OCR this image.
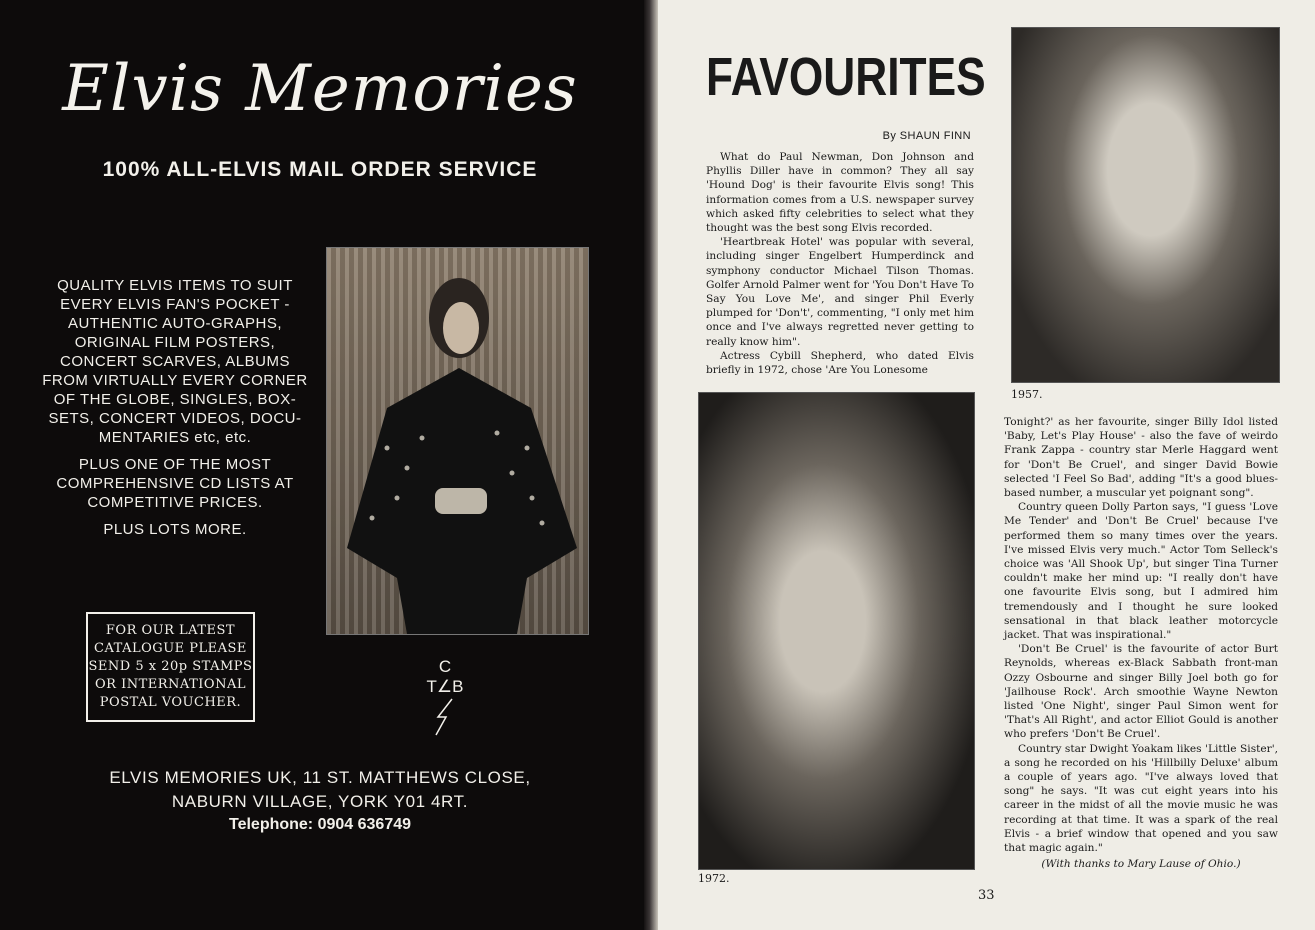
Elvis Memories
100% ALL-ELVIS MAIL ORDER SERVICE

QUALITY ELVIS ITEMS TO SUIT EVERY ELVIS FAN'S POCKET - AUTHENTIC AUTO-GRAPHS, ORIGINAL FILM POSTERS, CONCERT SCARVES, ALBUMS FROM VIRTUALLY EVERY CORNER OF THE GLOBE, SINGLES, BOX-SETS, CONCERT VIDEOS, DOCU-MENTARIES etc, etc.

PLUS ONE OF THE MOST COMPREHENSIVE CD LISTS AT COMPETITIVE PRICES.

PLUS LOTS MORE.

FOR OUR LATEST CATALOGUE PLEASE SEND 5 x 20p STAMPS OR INTERNATIONAL POSTAL VOUCHER.
C
T∠B
ELVIS MEMORIES UK, 11 ST. MATTHEWS CLOSE,
NABURN VILLAGE, YORK Y01 4RT.
Telephone: 0904 636749
FAVOURITES
By SHAUN FINN

What do Paul Newman, Don Johnson and Phyllis Diller have in common? They all say 'Hound Dog' is their favourite Elvis song! This information comes from a U.S. newspaper survey which asked fifty celebrities to select what they thought was the best song Elvis recorded.

'Heartbreak Hotel' was popular with several, including singer Engelbert Humperdinck and symphony conductor Michael Tilson Thomas. Golfer Arnold Palmer went for 'You Don't Have To Say You Love Me', and singer Phil Everly plumped for 'Don't', commenting, "I only met him once and I've always regretted never getting to really know him".

Actress Cybill Shepherd, who dated Elvis briefly in 1972, chose 'Are You Lonesome

1957.
1972.

Tonight?' as her favourite, singer Billy Idol listed 'Baby, Let's Play House' - also the fave of weirdo Frank Zappa - country star Merle Haggard went for 'Don't Be Cruel', and singer David Bowie selected 'I Feel So Bad', adding "It's a good blues-based number, a muscular yet poignant song".

Country queen Dolly Parton says, "I guess 'Love Me Tender' and 'Don't Be Cruel' because I've performed them so many times over the years. I've missed Elvis very much." Actor Tom Selleck's choice was 'All Shook Up', but singer Tina Turner couldn't make her mind up: "I really don't have one favourite Elvis song, but I admired him tremendously and I thought he sure looked sensational in that black leather motorcycle jacket. That was inspirational."

'Don't Be Cruel' is the favourite of actor Burt Reynolds, whereas ex-Black Sabbath front-man Ozzy Osbourne and singer Billy Joel both go for 'Jailhouse Rock'. Arch smoothie Wayne Newton listed 'One Night', singer Paul Simon went for 'That's All Right', and actor Elliot Gould is another who prefers 'Don't Be Cruel'.

Country star Dwight Yoakam likes 'Little Sister', a song he recorded on his 'Hillbilly Deluxe' album a couple of years ago. "I've always loved that song" he says. "It was cut eight years into his career in the midst of all the movie music he was recording at that time. It was a spark of the real Elvis - a brief window that opened and you saw that magic again."

(With thanks to Mary Lause of Ohio.)

33
